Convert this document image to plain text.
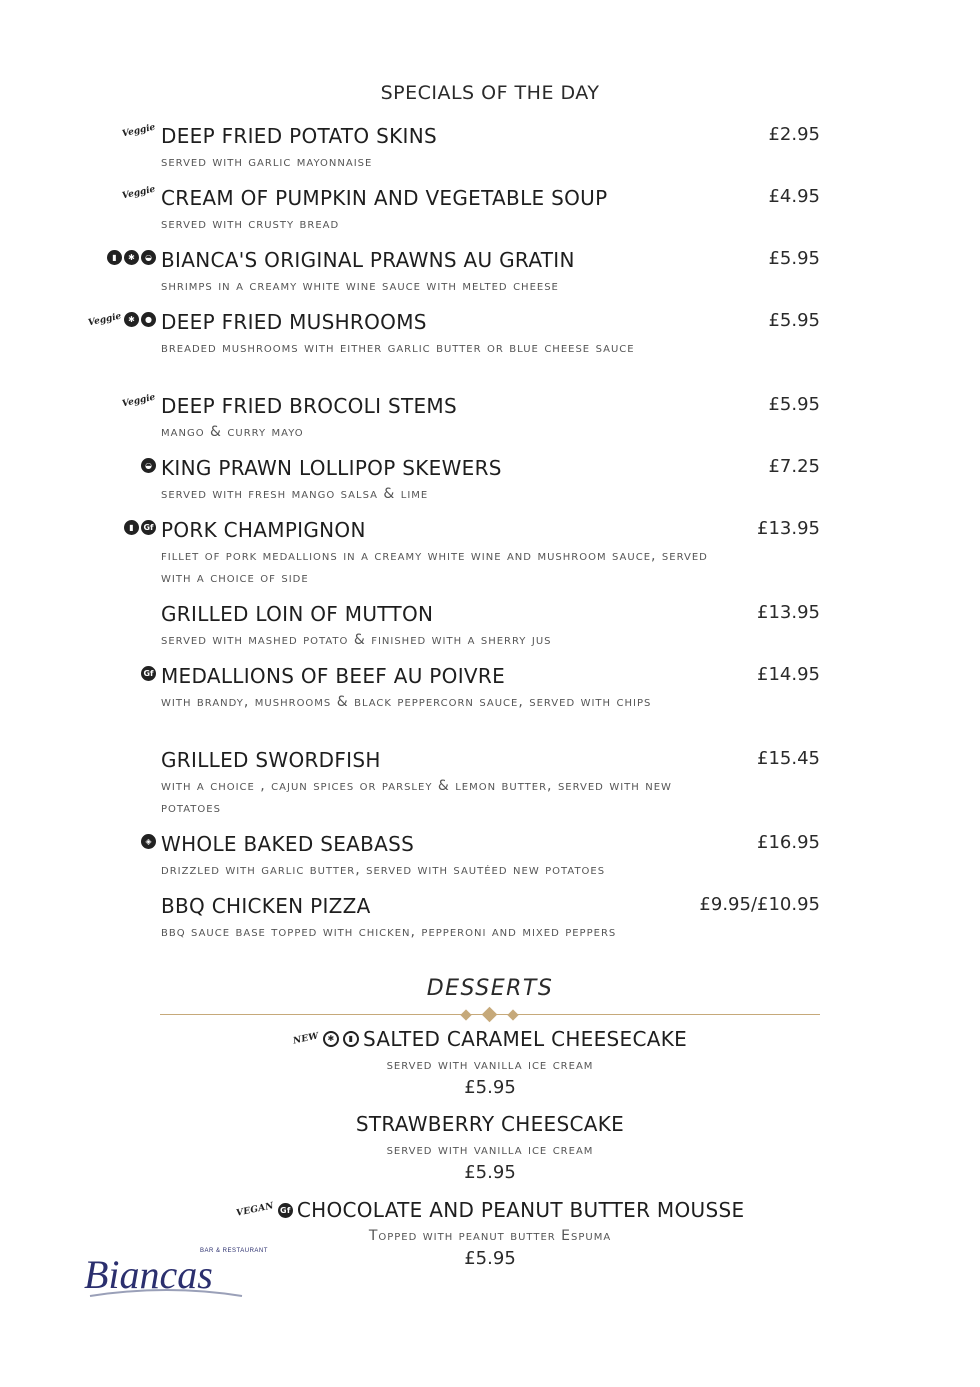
SPECIALS OF THE DAY
Veggie DEEP FRIED POTATO SKINS	£2.95
served with garlic mayonnaise
Veggie CREAM OF PUMPKIN AND VEGETABLE SOUP	£4.95
served with crusty bread
▮	✱	◒ BIANCA'S ORIGINAL PRAWNS AU GRATIN	£5.95
shrimps in a creamy white wine sauce with melted cheese
Veggie ✱	● DEEP FRIED MUSHROOMS	£5.95
breaded mushrooms with either garlic butter or blue cheese sauce
Veggie DEEP FRIED BROCOLI STEMS	£5.95
mango & curry mayo
◒ KING PRAWN LOLLIPOP SKEWERS	£7.25
served with fresh mango salsa & lime
▮	Gf PORK CHAMPIGNON	£13.95
fillet of pork medallions in a creamy white wine and mushroom sauce, served with a choice of side
GRILLED LOIN OF MUTTON	£13.95
served with mashed potato & finished with a sherry jus
Gf MEDALLIONS OF BEEF AU POIVRE	£14.95
with brandy, mushrooms & black peppercorn sauce, served with chips
GRILLED SWORDFISH	£15.45
with a choice , cajun spices or parsley & lemon butter, served with new potatoes
◈ WHOLE BAKED SEABASS	£16.95
drizzled with garlic butter, served with sautéed new potatoes
BBQ CHICKEN PIZZA	£9.95/£10.95
bbq sauce base topped with chicken, pepperoni and mixed peppers
DESSERTS
NEW ✱	▮ SALTED CARAMEL CHEESECAKE
served with vanilla ice cream
£5.95
STRAWBERRY CHEESCAKE
served with vanilla ice cream
£5.95
VEGAN Gf CHOCOLATE AND PEANUT BUTTER MOUSSE
Topped with peanut butter Espuma
£5.95
BAR & RESTAURANT
Biancas
